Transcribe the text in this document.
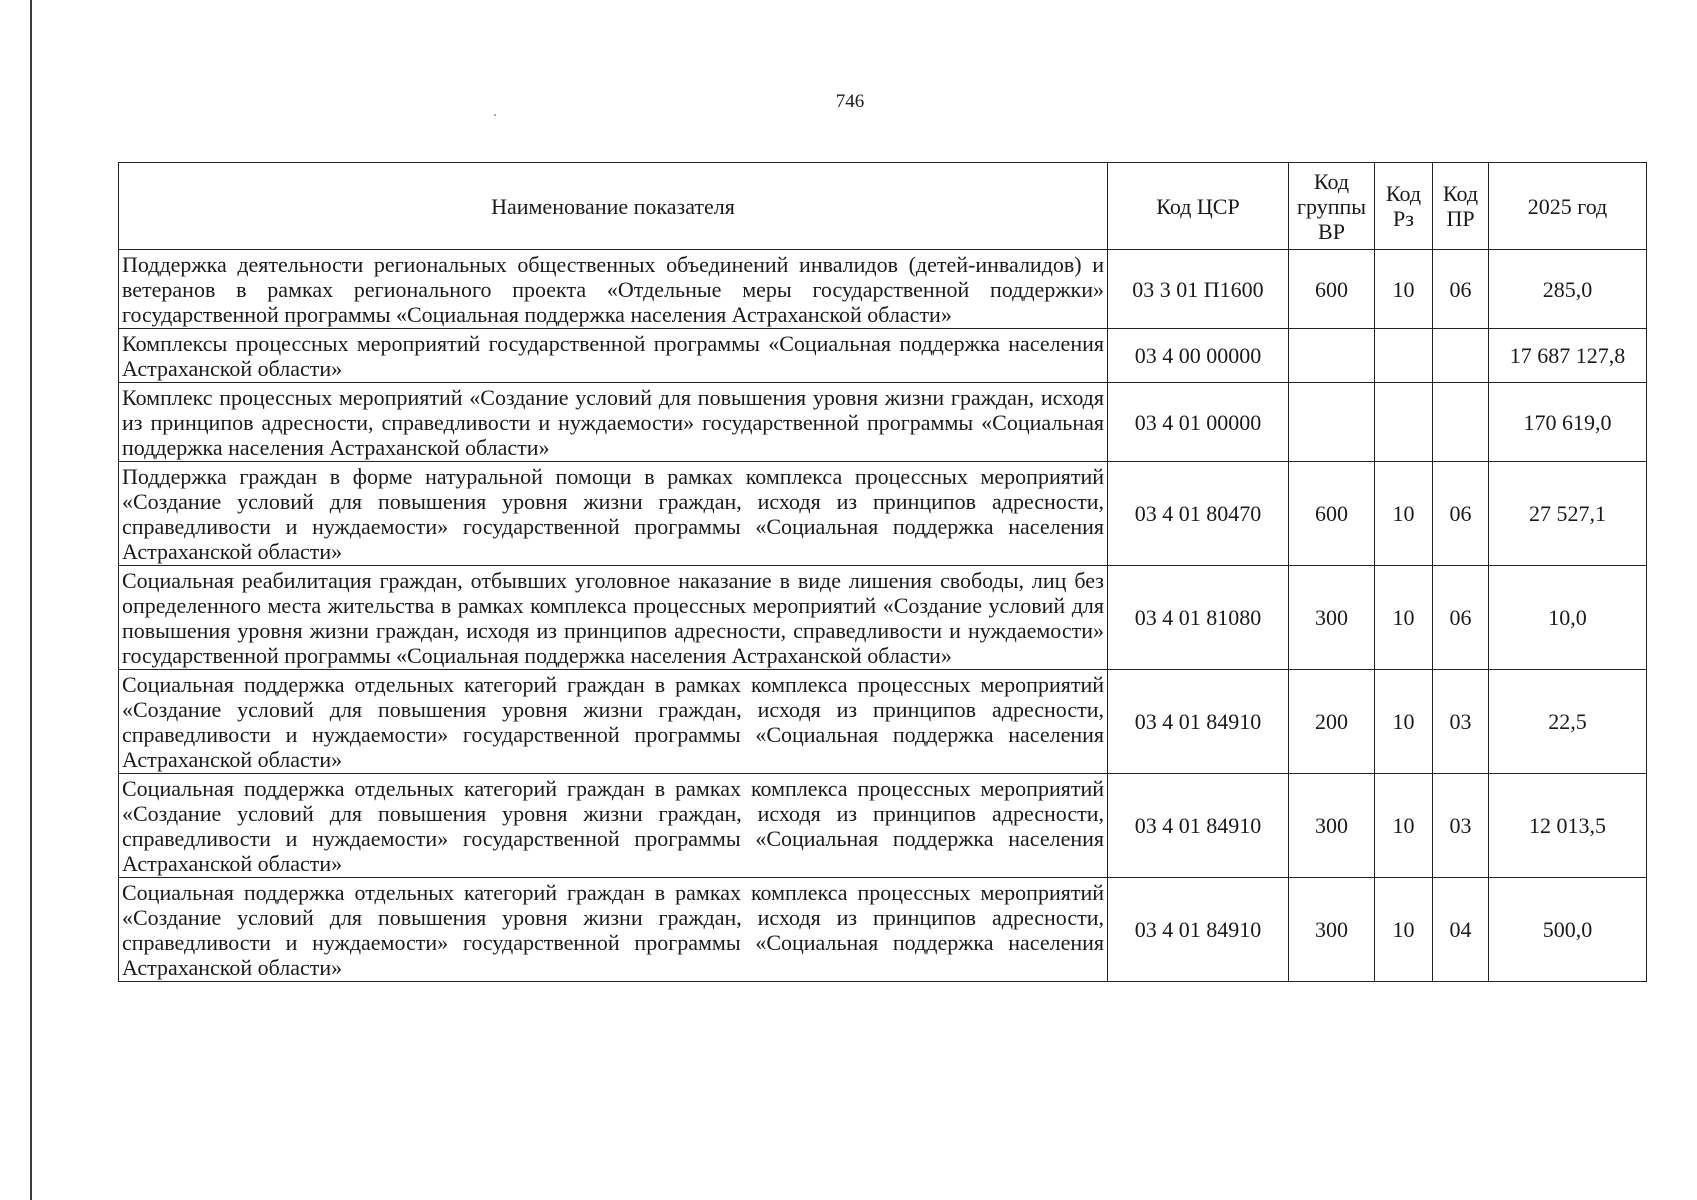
746
Наименование показателя	Код ЦСР	Код группы ВР	Код Рз	Код ПР	2025 год
Поддержка деятельности региональных общественных объединений инвалидов (детей-инвалидов) и ветеранов в рамках регионального проекта «Отдельные меры государственной поддержки» государственной программы «Социальная поддержка населения Астраханской области»	03 3 01 П1600	600	10	06	285,0
Комплексы процессных мероприятий государственной программы «Социальная поддержка населения Астраханской области»	03 4 00 00000				17 687 127,8
Комплекс процессных мероприятий «Создание условий для повышения уровня жизни граждан, исходя из принципов адресности, справедливости и нуждаемости» государственной программы «Социальная поддержка населения Астраханской области»	03 4 01 00000				170 619,0
Поддержка граждан в форме натуральной помощи в рамках комплекса процессных мероприятий «Создание условий для повышения уровня жизни граждан, исходя из принципов адресности, справедливости и нуждаемости» государственной программы «Социальная поддержка населения Астраханской области»	03 4 01 80470	600	10	06	27 527,1
Социальная реабилитация граждан, отбывших уголовное наказание в виде лишения свободы, лиц без определенного места жительства в рамках комплекса процессных мероприятий «Создание условий для повышения уровня жизни граждан, исходя из принципов адресности, справедливости и нуждаемости» государственной программы «Социальная поддержка населения Астраханской области»	03 4 01 81080	300	10	06	10,0
Социальная поддержка отдельных категорий граждан в рамках комплекса процессных мероприятий «Создание условий для повышения уровня жизни граждан, исходя из принципов адресности, справедливости и нуждаемости» государственной программы «Социальная поддержка населения Астраханской области»	03 4 01 84910	200	10	03	22,5
Социальная поддержка отдельных категорий граждан в рамках комплекса процессных мероприятий «Создание условий для повышения уровня жизни граждан, исходя из принципов адресности, справедливости и нуждаемости» государственной программы «Социальная поддержка населения Астраханской области»	03 4 01 84910	300	10	03	12 013,5
Социальная поддержка отдельных категорий граждан в рамках комплекса процессных мероприятий «Создание условий для повышения уровня жизни граждан, исходя из принципов адресности, справедливости и нуждаемости» государственной программы «Социальная поддержка населения Астраханской области»	03 4 01 84910	300	10	04	500,0
